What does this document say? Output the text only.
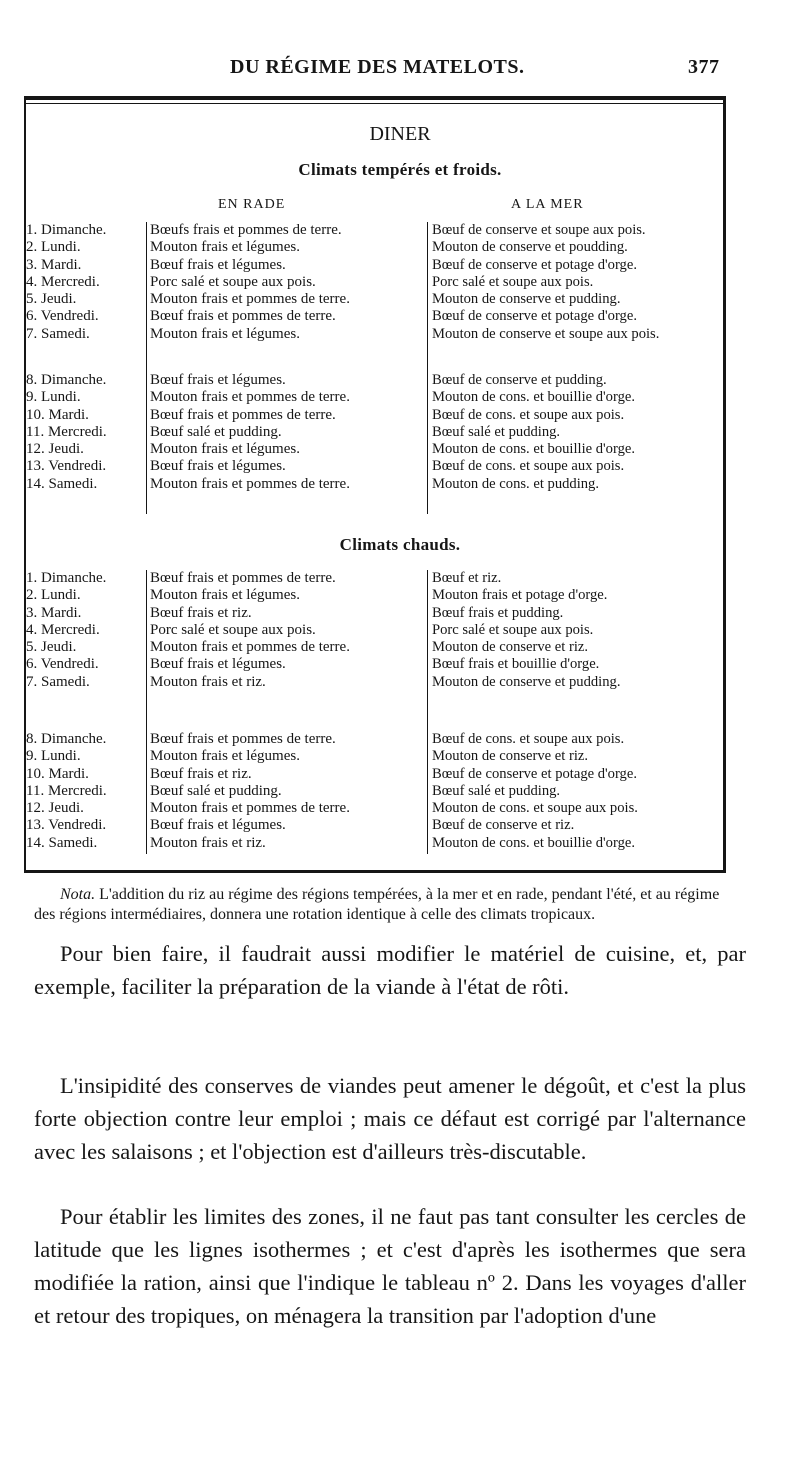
DU RÉGIME DES MATELOTS.	377
DINER
Climats tempérés et froids.
EN RADE	A LA MER
1. Dimanche.
2. Lundi.
3. Mardi.
4. Mercredi.
5. Jeudi.
6. Vendredi.
7. Samedi.
Bœufs frais et pommes de terre.
Mouton frais et légumes.
Bœuf frais et légumes.
Porc salé et soupe aux pois.
Mouton frais et pommes de terre.
Bœuf frais et pommes de terre.
Mouton frais et légumes.
Bœuf de conserve et soupe aux pois.
Mouton de conserve et poudding.
Bœuf de conserve et potage d'orge.
Porc salé et soupe aux pois.
Mouton de conserve et pudding.
Bœuf de conserve et potage d'orge.
Mouton de conserve et soupe aux pois.
8. Dimanche.
9. Lundi.
10. Mardi.
11. Mercredi.
12. Jeudi.
13. Vendredi.
14. Samedi.
Bœuf frais et légumes.
Mouton frais et pommes de terre.
Bœuf frais et pommes de terre.
Bœuf salé et pudding.
Mouton frais et légumes.
Bœuf frais et légumes.
Mouton frais et pommes de terre.
Bœuf de conserve et pudding.
Mouton de cons. et bouillie d'orge.
Bœuf de cons. et soupe aux pois.
Bœuf salé et pudding.
Mouton de cons. et bouillie d'orge.
Bœuf de cons. et soupe aux pois.
Mouton de cons. et pudding.
Climats chauds.
1. Dimanche.
2. Lundi.
3. Mardi.
4. Mercredi.
5. Jeudi.
6. Vendredi.
7. Samedi.
Bœuf frais et pommes de terre.
Mouton frais et légumes.
Bœuf frais et riz.
Porc salé et soupe aux pois.
Mouton frais et pommes de terre.
Bœuf frais et légumes.
Mouton frais et riz.
Bœuf et riz.
Mouton frais et potage d'orge.
Bœuf frais et pudding.
Porc salé et soupe aux pois.
Mouton de conserve et riz.
Bœuf frais et bouillie d'orge.
Mouton de conserve et pudding.
8. Dimanche.
9. Lundi.
10. Mardi.
11. Mercredi.
12. Jeudi.
13. Vendredi.
14. Samedi.
Bœuf frais et pommes de terre.
Mouton frais et légumes.
Bœuf frais et riz.
Bœuf salé et pudding.
Mouton frais et pommes de terre.
Bœuf frais et légumes.
Mouton frais et riz.
Bœuf de cons. et soupe aux pois.
Mouton de conserve et riz.
Bœuf de conserve et potage d'orge.
Bœuf salé et pudding.
Mouton de cons. et soupe aux pois.
Bœuf de conserve et riz.
Mouton de cons. et bouillie d'orge.
Nota. L'addition du riz au régime des régions tempérées, à la mer et en rade, pendant l'été, et au régime des régions intermédiaires, donnera une rotation identique à celle des climats tropicaux.
Pour bien faire, il faudrait aussi modifier le matériel de cuisine, et, par exemple, faciliter la préparation de la viande à l'état de rôti.
L'insipidité des conserves de viandes peut amener le dégoût, et c'est la plus forte objection contre leur emploi ; mais ce défaut est corrigé par l'alternance avec les salaisons ; et l'objection est d'ailleurs très-discutable.
Pour établir les limites des zones, il ne faut pas tant consulter les cercles de latitude que les lignes isothermes ; et c'est d'après les isothermes que sera modifiée la ration, ainsi que l'indique le tableau nº 2. Dans les voyages d'aller et retour des tropiques, on ménagera la transition par l'adoption d'une
